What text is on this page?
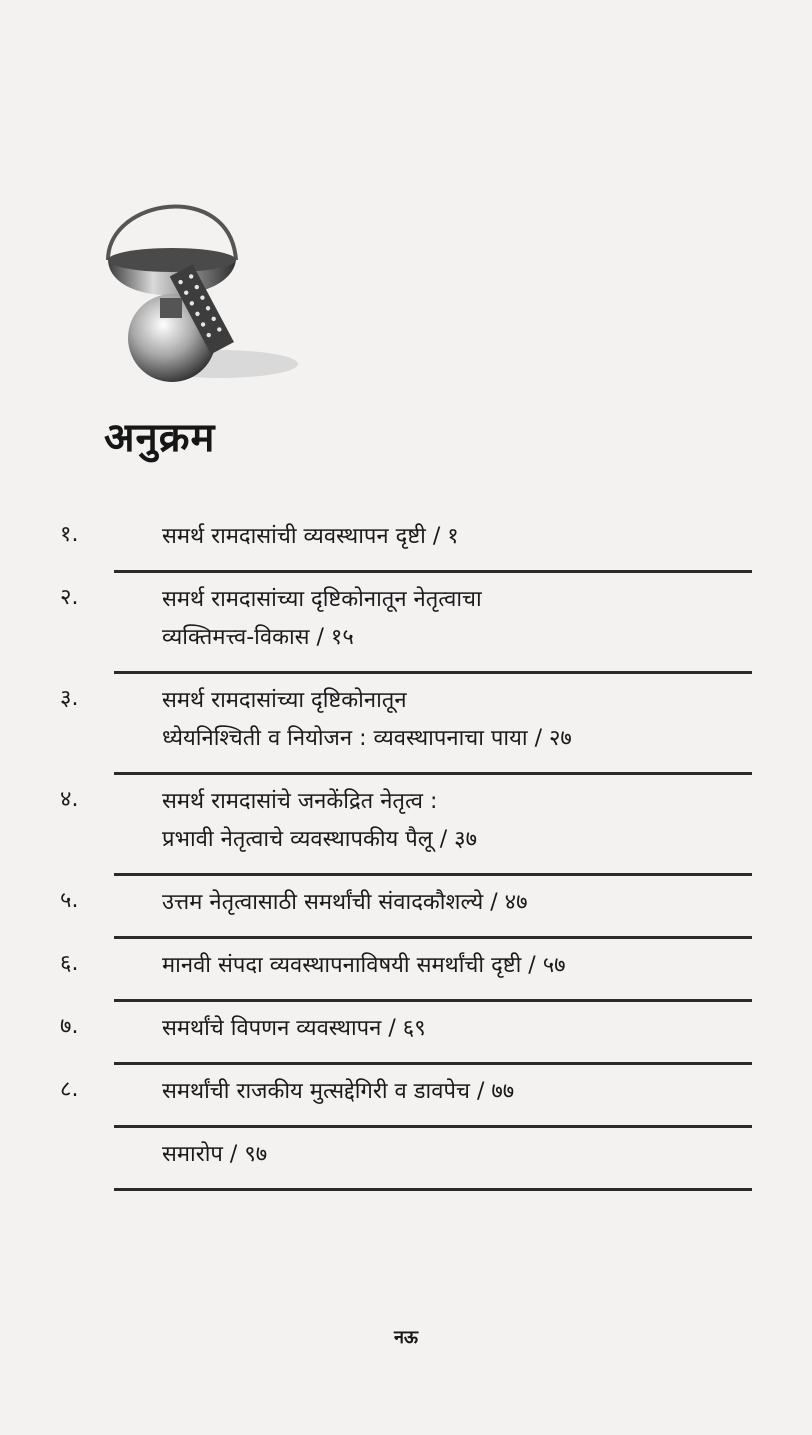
अनुक्रम
१.	समर्थ रामदासांची व्यवस्थापन दृष्टी / १
२.	समर्थ रामदासांच्या दृष्टिकोनातून नेतृत्वाचा
व्यक्तिमत्त्व-विकास / १५
३.	समर्थ रामदासांच्या दृष्टिकोनातून
ध्येयनिश्चिती व नियोजन : व्यवस्थापनाचा पाया / २७
४.	समर्थ रामदासांचे जनकेंद्रित नेतृत्व :
प्रभावी नेतृत्वाचे व्यवस्थापकीय पैलू / ३७
५.	उत्तम नेतृत्वासाठी समर्थांची संवादकौशल्ये / ४७
६.	मानवी संपदा व्यवस्थापनाविषयी समर्थांची दृष्टी / ५७
७.	समर्थांचे विपणन व्यवस्थापन / ६९
८.	समर्थांची राजकीय मुत्सद्देगिरी व डावपेच / ७७
समारोप / ९७
नऊ
